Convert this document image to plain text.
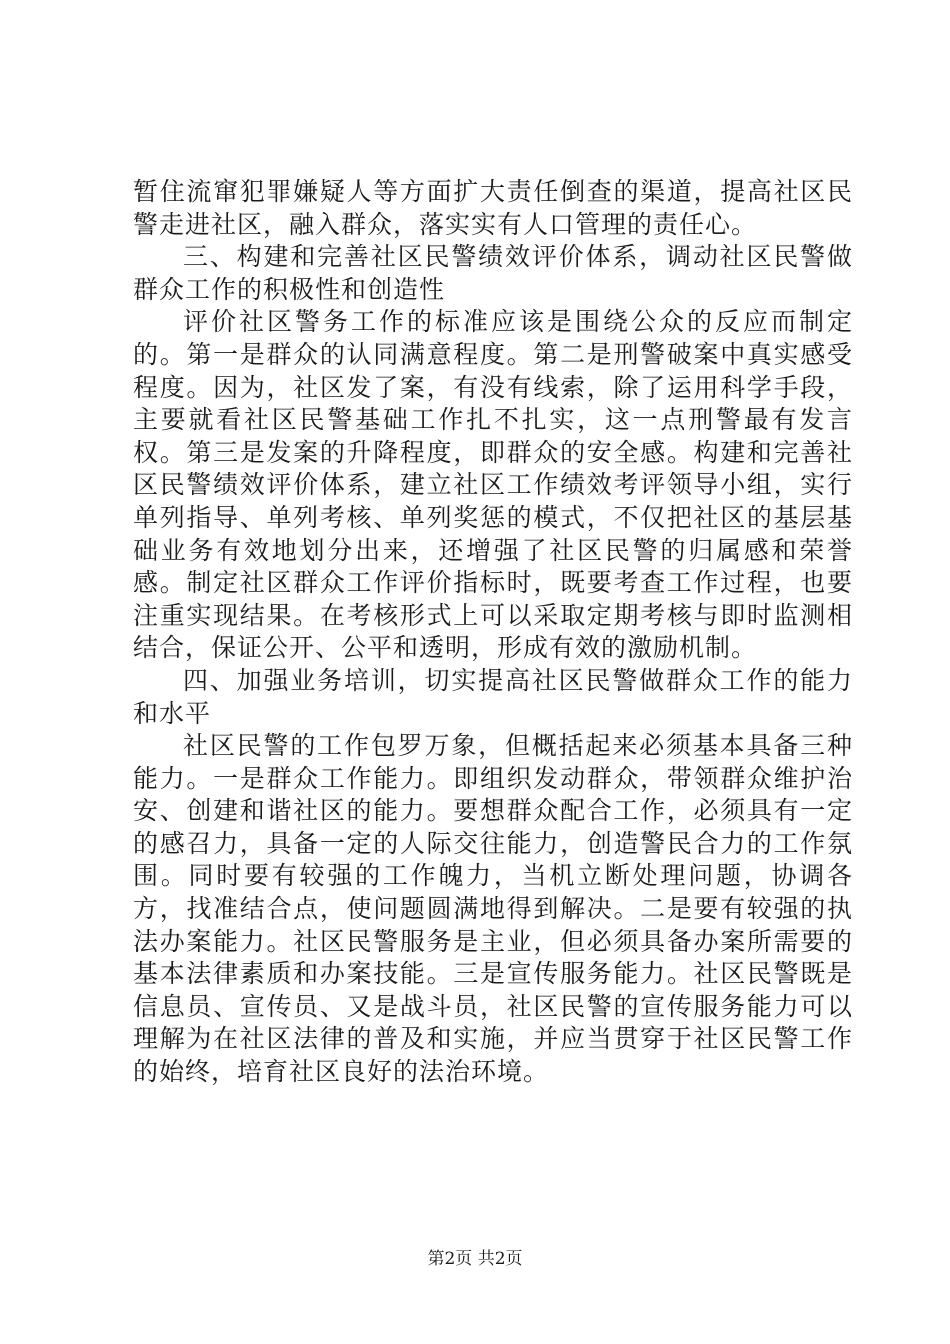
暂住流窜犯罪嫌疑人等方面扩大责任倒查的渠道，提高社区民警走进社区，融入群众，落实实有人口管理的责任心。

三、构建和完善社区民警绩效评价体系，调动社区民警做群众工作的积极性和创造性

评价社区警务工作的标准应该是围绕公众的反应而制定的。第一是群众的认同满意程度。第二是刑警破案中真实感受程度。因为，社区发了案，有没有线索，除了运用科学手段，主要就看社区民警基础工作扎不扎实，这一点刑警最有发言权。第三是发案的升降程度，即群众的安全感。构建和完善社区民警绩效评价体系，建立社区工作绩效考评领导小组，实行单列指导、单列考核、单列奖惩的模式，不仅把社区的基层基础业务有效地划分出来，还增强了社区民警的归属感和荣誉感。制定社区群众工作评价指标时，既要考查工作过程，也要注重实现结果。在考核形式上可以采取定期考核与即时监测相结合，保证公开、公平和透明，形成有效的激励机制。

四、加强业务培训，切实提高社区民警做群众工作的能力和水平

社区民警的工作包罗万象，但概括起来必须基本具备三种能力。一是群众工作能力。即组织发动群众，带领群众维护治安、创建和谐社区的能力。要想群众配合工作，必须具有一定的感召力，具备一定的人际交往能力，创造警民合力的工作氛围。同时要有较强的工作魄力，当机立断处理问题，协调各方，找准结合点，使问题圆满地得到解决。二是要有较强的执法办案能力。社区民警服务是主业，但必须具备办案所需要的基本法律素质和办案技能。三是宣传服务能力。社区民警既是信息员、宣传员、又是战斗员，社区民警的宣传服务能力可以理解为在社区法律的普及和实施，并应当贯穿于社区民警工作的始终，培育社区良好的法治环境。

第2页 共2页
